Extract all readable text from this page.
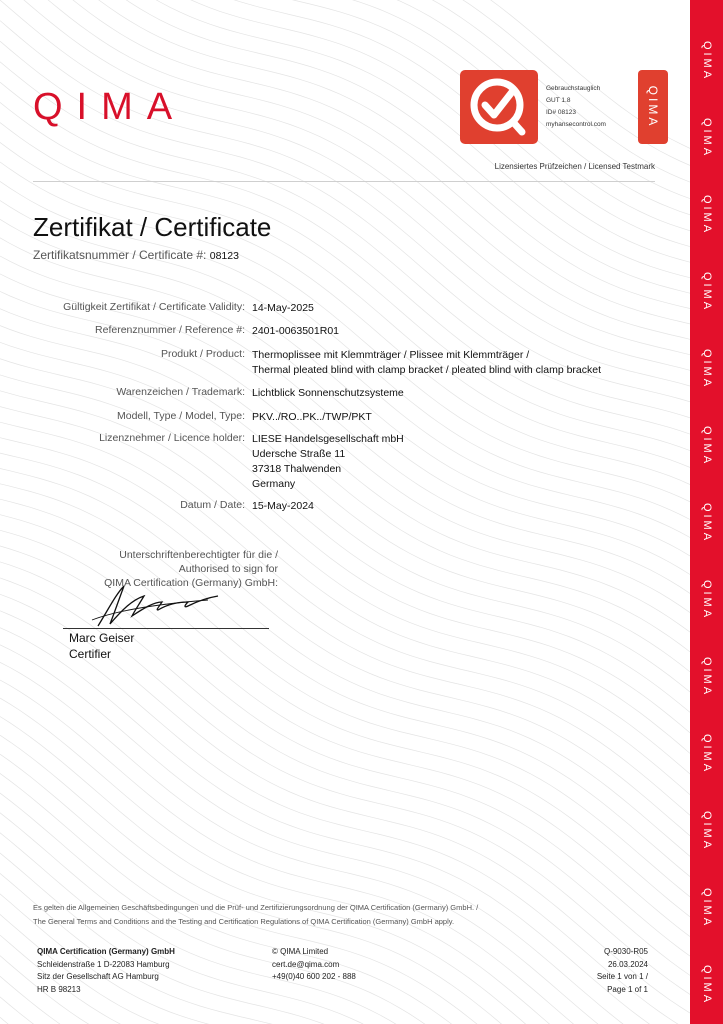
QIMA
QIMA
QIMA
QIMA
QIMA
QIMA
QIMA
QIMA
QIMA
QIMA
QIMA
QIMA
QIMA
QIMA	Gebrauchstauglich
GUT 1.8
ID# 08123
myhansecontrol.com	QIMA
Lizensiertes Prüfzeichen / Licensed Testmark
Zertifikat / Certificate
Zertifikatsnummer / Certificate #: 08123
Gültigkeit Zertifikat / Certificate Validity: 14-May-2025
Referenznummer / Reference #: 2401-0063501R01
Produkt / Product: Thermoplissee mit Klemmträger / Plissee mit Klemmträger /
Thermal pleated blind with clamp bracket / pleated blind with clamp bracket
Warenzeichen / Trademark: Lichtblick Sonnenschutzsysteme
Modell, Type / Model, Type: PKV../RO..PK../TWP/PKT
Lizenznehmer / Licence holder: LIESE Handelsgesellschaft mbH
Udersche Straße 11
37318 Thalwenden
Germany
Datum / Date: 15-May-2024
Unterschriftenberechtigter für die /
Authorised to sign for
QIMA Certification (Germany) GmbH:
Marc Geiser
Certifier
Es gelten die Allgemeinen Geschäftsbedingungen und die Prüf- und Zertifizierungsordnung der QIMA Certification (Germany) GmbH. /
The General Terms and Conditions and the Testing and Certification Regulations of QIMA Certification (Germany) GmbH apply.
QIMA Certification (Germany) GmbH
Schleidenstraße 1 D-22083 Hamburg
Sitz der Gesellschaft AG Hamburg
HR B 98213
© QIMA Limited
cert.de@qima.com
+49(0)40 600 202 - 888
Q-9030-R05
26.03.2024
Seite 1 von 1 /
Page 1 of 1
